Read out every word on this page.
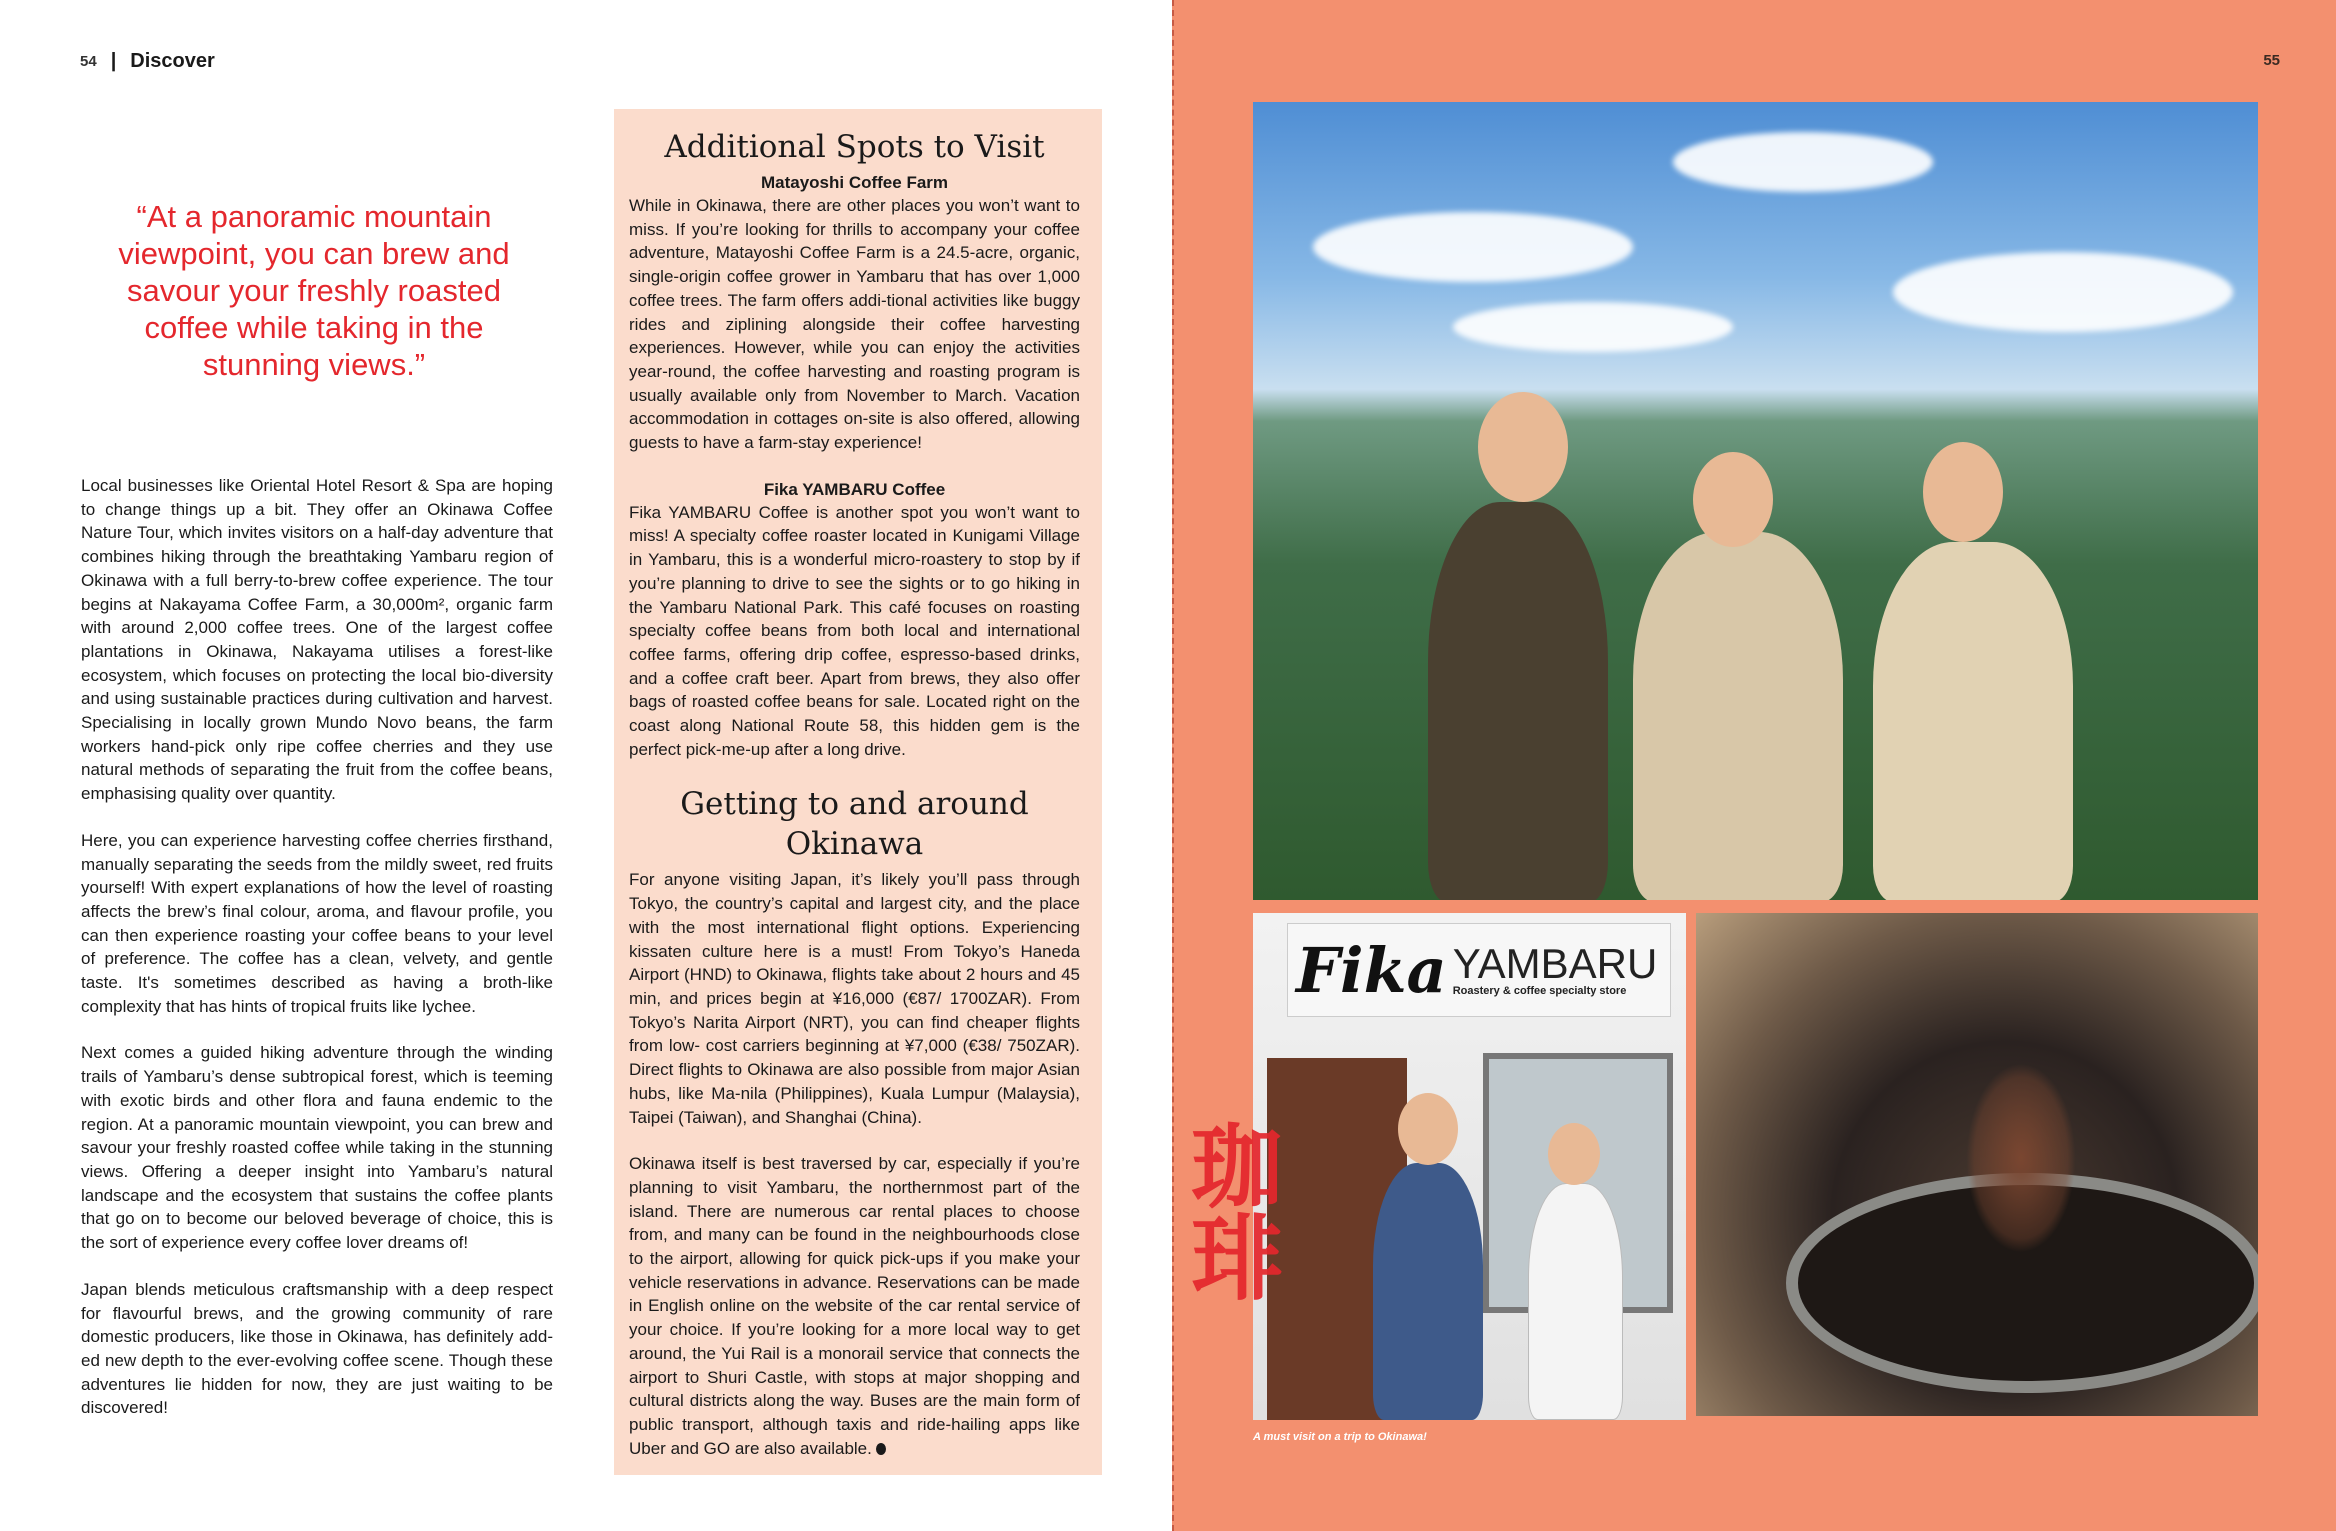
54 | Discover
“At a panoramic mountain viewpoint, you can brew and savour your freshly roasted coffee while taking in the stunning views.”

Local businesses like Oriental Hotel Resort & Spa are hoping to change things up a bit. They offer an Okinawa Coffee Nature Tour, which invites visitors on a half-day adventure that combines hiking through the breathtaking Yambaru region of Okinawa with a full berry-to-brew coffee experience. The tour begins at Nakayama Coffee Farm, a 30,000m², organic farm with around 2,000 coffee trees. One of the largest coffee plantations in Okinawa, Nakayama utilises a forest-like ecosystem, which focuses on protecting the local bio-diversity and using sustainable practices during cultivation and harvest. Specialising in locally grown Mundo Novo beans, the farm workers hand-pick only ripe coffee cherries and they use natural methods of separating the fruit from the coffee beans, emphasising quality over quantity.

Here, you can experience harvesting coffee cherries firsthand, manually separating the seeds from the mildly sweet, red fruits yourself! With expert explanations of how the level of roasting affects the brew’s final colour, aroma, and flavour profile, you can then experience roasting your coffee beans to your level of preference. The coffee has a clean, velvety, and gentle taste. It's sometimes described as having a broth-like complexity that has hints of tropical fruits like lychee.

Next comes a guided hiking adventure through the winding trails of Yambaru’s dense subtropical forest, which is teeming with exotic birds and other flora and fauna endemic to the region. At a panoramic mountain viewpoint, you can brew and savour your freshly roasted coffee while taking in the stunning views. Offering a deeper insight into Yambaru’s natural landscape and the ecosystem that sustains the coffee plants that go on to become our beloved beverage of choice, this is the sort of experience every coffee lover dreams of!

Japan blends meticulous craftsmanship with a deep respect for flavourful brews, and the growing community of rare domestic producers, like those in Okinawa, has definitely add-ed new depth to the ever-evolving coffee scene. Though these adventures lie hidden for now, they are just waiting to be discovered!

Additional Spots to Visit
Matayoshi Coffee Farm

While in Okinawa, there are other places you won’t want to miss. If you’re looking for thrills to accompany your coffee adventure, Matayoshi Coffee Farm is a 24.5-acre, organic, single-origin coffee grower in Yambaru that has over 1,000 coffee trees. The farm offers addi-tional activities like buggy rides and ziplining alongside their coffee harvesting experiences. However, while you can enjoy the activities year-round, the coffee harvesting and roasting program is usually available only from November to March. Vacation accommodation in cottages on-site is also offered, allowing guests to have a farm-stay experience!

Fika YAMBARU Coffee

Fika YAMBARU Coffee is another spot you won’t want to miss! A specialty coffee roaster located in Kunigami Village in Yambaru, this is a wonderful micro-roastery to stop by if you’re planning to drive to see the sights or to go hiking in the Yambaru National Park. This café focuses on roasting specialty coffee beans from both local and international coffee farms, offering drip coffee, espresso-based drinks, and a coffee craft beer. Apart from brews, they also offer bags of roasted coffee beans for sale. Located right on the coast along National Route 58, this hidden gem is the perfect pick-me-up after a long drive.

Getting to and around Okinawa

For anyone visiting Japan, it’s likely you’ll pass through Tokyo, the country’s capital and largest city, and the place with the most international flight options. Experiencing kissaten culture here is a must! From Tokyo’s Haneda Airport (HND) to Okinawa, flights take about 2 hours and 45 min, and prices begin at ¥16,000 (€87/ 1700ZAR). From Tokyo’s Narita Airport (NRT), you can find cheaper flights from low- cost carriers beginning at ¥7,000 (€38/ 750ZAR). Direct flights to Okinawa are also possible from major Asian hubs, like Ma-nila (Philippines), Kuala Lumpur (Malaysia), Taipei (Taiwan), and Shanghai (China).

Okinawa itself is best traversed by car, especially if you’re planning to visit Yambaru, the northernmost part of the island. There are numerous car rental places to choose from, and many can be found in the neighbourhoods close to the airport, allowing for quick pick-ups if you make your vehicle reservations in advance. Reservations can be made in English online on the website of the car rental service of your choice. If you’re looking for a more local way to get around, the Yui Rail is a monorail service that connects the airport to Shuri Castle, with stops at major shopping and cultural districts along the way. Buses are the main form of public transport, although taxis and ride-hailing apps like Uber and GO are also available.

55
Fika YAMBARU
Roastery & coffee specialty store
A must visit on a trip to Okinawa!
珈琲
